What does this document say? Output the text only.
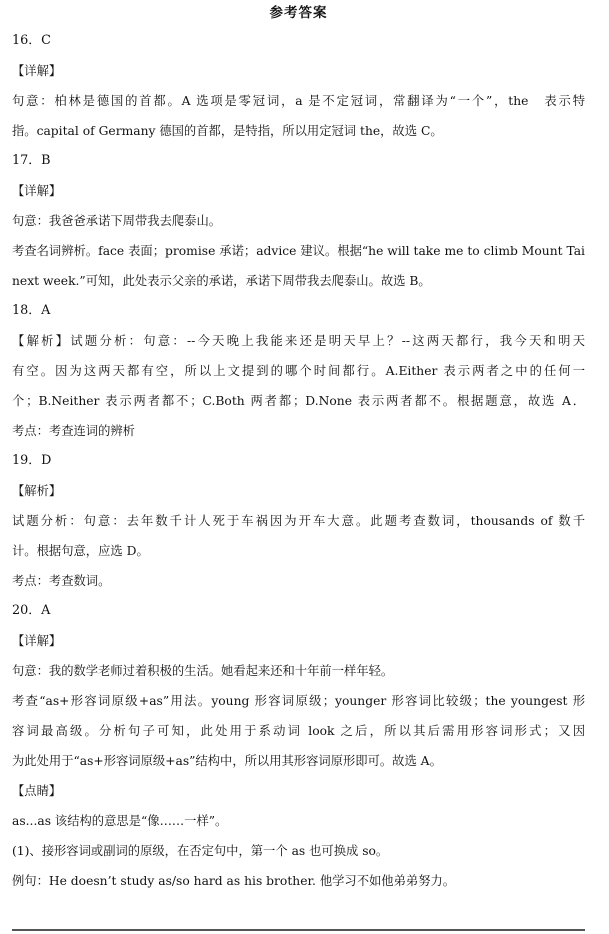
参考答案
16．C
【详解】
句意：柏林是德国的首都。A 选项是零冠词，a 是不定冠词，常翻译为“一个”，the　表示特
指。capital of Germany 德国的首都，是特指，所以用定冠词 the，故选 C。
17．B
【详解】
句意：我爸爸承诺下周带我去爬泰山。
考查名词辨析。face 表面；promise 承诺；advice 建议。根据“he will take me to climb Mount Tai
next week.”可知，此处表示父亲的承诺，承诺下周带我去爬泰山。故选 B。
18．A
【解析】试题分析：句意：--今天晚上我能来还是明天早上？--这两天都行，我今天和明天
有空。因为这两天都有空，所以上文提到的哪个时间都行。A.Either 表示两者之中的任何一
个；B.Neither 表示两者都不；C.Both 两者都；D.None 表示两者都不。根据题意，故选 A．
考点：考查连词的辨析
19．D
【解析】
试题分析：句意：去年数千计人死于车祸因为开车大意。此题考查数词，thousands of 数千
计。根据句意，应选 D。
考点：考查数词。
20．A
【详解】
句意：我的数学老师过着积极的生活。她看起来还和十年前一样年轻。
考查“as+形容词原级+as”用法。young 形容词原级；younger 形容词比较级；the youngest 形
容词最高级。分析句子可知，此处用于系动词 look 之后，所以其后需用形容词形式；又因
为此处用于“as+形容词原级+as”结构中，所以用其形容词原形即可。故选 A。
【点睛】
as...as 该结构的意思是“像……一样”。
(1)、接形容词或副词的原级，在否定句中，第一个 as 也可换成 so。
例句：He doesn’t study as/so hard as his brother. 他学习不如他弟弟努力。
